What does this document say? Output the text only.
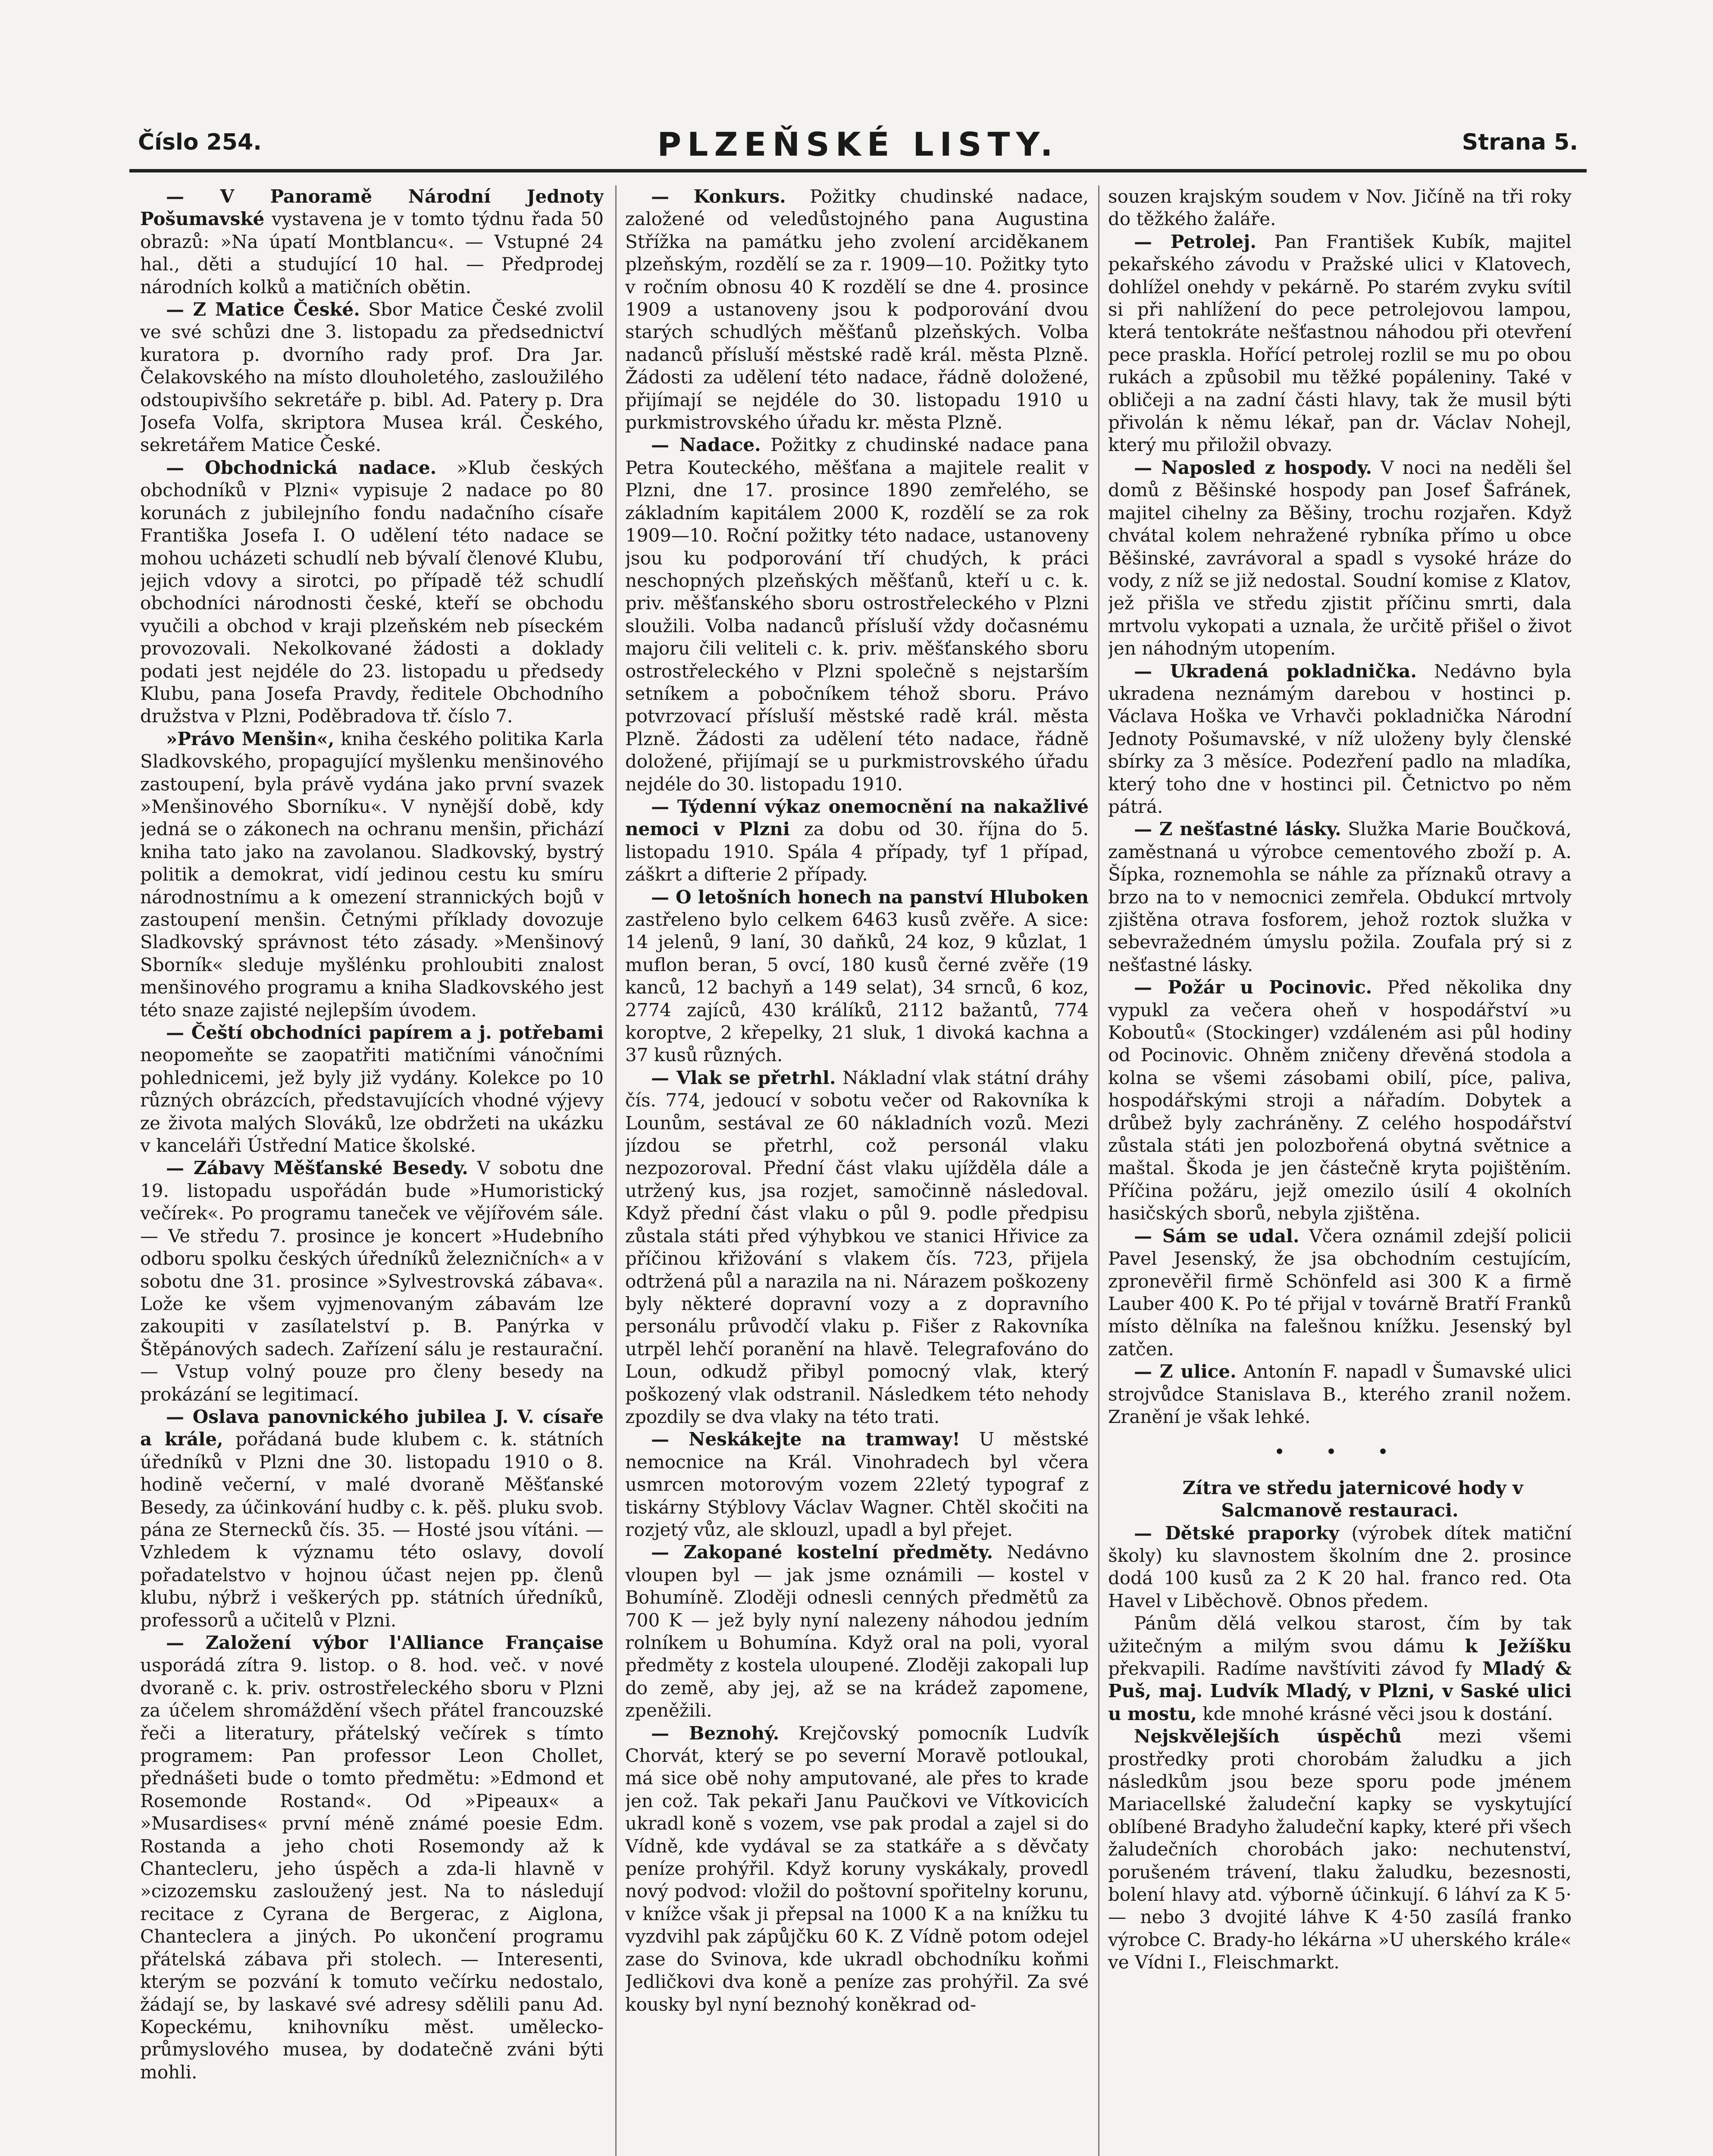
Číslo 254.	PLZEŇSKÉ LISTY.	Strana 5.

— V Panoramě Národní Jednoty Pošumavské vystavena je v tomto týdnu řada 50 obrazů: »Na úpatí Montblancu«. — Vstupné 24 hal., děti a studující 10 hal. — Předprodej národních kolků a matičních obětin.

— Z Matice České. Sbor Matice České zvolil ve své schůzi dne 3. listopadu za předsednictví kuratora p. dvorního rady prof. Dra Jar. Čelakovského na místo dlouholetého, zasloužilého odstoupivšího sekretáře p. bibl. Ad. Patery p. Dra Josefa Volfa, skriptora Musea král. Českého, sekretářem Matice České.

— Obchodnická nadace. »Klub českých obchodníků v Plzni« vypisuje 2 nadace po 80 korunách z jubilejního fondu nadačního císaře Františka Josefa I. O udělení této nadace se mohou ucházeti schudlí neb bývalí členové Klubu, jejich vdovy a sirotci, po případě též schudlí obchodníci národnosti české, kteří se obchodu vyučili a obchod v kraji plzeňském neb píseckém provozovali. Nekolkované žádosti a doklady podati jest nejdéle do 23. listopadu u předsedy Klubu, pana Josefa Pravdy, ředitele Obchodního družstva v Plzni, Poděbradova tř. číslo 7.

»Právo Menšin«, kniha českého politika Karla Sladkovského, propagující myšlenku menšinového zastoupení, byla právě vydána jako první svazek »Menšinového Sborníku«. V nynější době, kdy jedná se o zákonech na ochranu menšin, přichází kniha tato jako na zavolanou. Sladkovský, bystrý politik a demokrat, vidí jedinou cestu ku smíru národnostnímu a k omezení strannických bojů v zastoupení menšin. Četnými příklady dovozuje Sladkovský správnost této zásady. »Menšinový Sborník« sleduje myšlénku prohloubiti znalost menšinového programu a kniha Sladkovského jest této snaze zajisté nejlepším úvodem.

— Čeští obchodníci papírem a j. potřebami neopomeňte se zaopatřiti matičními vánočními pohlednicemi, jež byly již vydány. Kolekce po 10 různých obrázcích, představujících vhodné výjevy ze života malých Slováků, lze obdržeti na ukázku v kanceláři Ústřední Matice školské.

— Zábavy Měšťanské Besedy. V sobotu dne 19. listopadu uspořádán bude »Humoristický večírek«. Po programu taneček ve vějířovém sále. — Ve středu 7. prosince je koncert »Hudebního odboru spolku českých úředníků železničních« a v sobotu dne 31. prosince »Sylvestrovská zábava«. Lože ke všem vyjmenovaným zábavám lze zakoupiti v zasílatelství p. B. Panýrka v Štěpánových sadech. Zařízení sálu je restaurační. — Vstup volný pouze pro členy besedy na prokázání se legitimací.

— Oslava panovnického jubilea J. V. císaře a krále, pořádaná bude klubem c. k. státních úředníků v Plzni dne 30. listopadu 1910 o 8. hodině večerní, v malé dvoraně Měšťanské Besedy, za účinkování hudby c. k. pěš. pluku svob. pána ze Sternecků čís. 35. — Hosté jsou vítáni. — Vzhledem k významu této oslavy, dovolí pořadatelstvo v hojnou účast nejen pp. členů klubu, nýbrž i veškerých pp. státních úředníků, professorů a učitelů v Plzni.

— Založení výbor l'Alliance Française usporádá zítra 9. listop. o 8. hod. več. v nové dvoraně c. k. priv. ostrostřeleckého sboru v Plzni za účelem shromáždění všech přátel francouzské řeči a literatury, přátelský večírek s tímto programem: Pan professor Leon Chollet, přednášeti bude o tomto předmětu: »Edmond et Rosemonde Rostand«. Od »Pipeaux« a »Musardises« první méně známé poesie Edm. Rostanda a jeho choti Rosemondy až k Chantecleru, jeho úspěch a zda-li hlavně v »cizozemsku zasloužený jest. Na to následují recitace z Cyrana de Bergerac, z Aiglona, Chanteclera a jiných. Po ukončení programu přátelská zábava při stolech. — Interesenti, kterým se pozvání k tomuto večírku nedostalo, žádají se, by laskavé své adresy sdělili panu Ad. Kopeckému, knihovníku měst. umělecko-průmyslového musea, by dodatečně zváni býti mohli.

— Konkurs. Požitky chudinské nadace, založené od veledůstojného pana Augustina Střížka na památku jeho zvolení arciděkanem plzeňským, rozdělí se za r. 1909—10. Požitky tyto v ročním obnosu 40 K rozdělí se dne 4. prosince 1909 a ustanoveny jsou k podporování dvou starých schudlých měšťanů plzeňských. Volba nadanců přísluší městské radě král. města Plzně. Žádosti za udělení této nadace, řádně doložené, přijímají se nejdéle do 30. listopadu 1910 u purkmistrovského úřadu kr. města Plzně.

— Nadace. Požitky z chudinské nadace pana Petra Kouteckého, měšťana a majitele realit v Plzni, dne 17. prosince 1890 zemřelého, se základním kapitálem 2000 K, rozdělí se za rok 1909—10. Roční požitky této nadace, ustanoveny jsou ku podporování tří chudých, k práci neschopných plzeňských měšťanů, kteří u c. k. priv. měšťanského sboru ostrostřeleckého v Plzni sloužili. Volba nadanců přísluší vždy dočasnému majoru čili veliteli c. k. priv. měšťanského sboru ostrostřeleckého v Plzni společně s nejstarším setníkem a pobočníkem téhož sboru. Právo potvrzovací přísluší městské radě král. města Plzně. Žádosti za udělení této nadace, řádně doložené, přijímají se u purkmistrovského úřadu nejdéle do 30. listopadu 1910.

— Týdenní výkaz onemocnění na nakažlivé nemoci v Plzni za dobu od 30. října do 5. listopadu 1910. Spála 4 případy, tyf 1 případ, záškrt a difterie 2 případy.

— O letošních honech na panství Hluboken zastřeleno bylo celkem 6463 kusů zvěře. A sice: 14 jelenů, 9 laní, 30 daňků, 24 koz, 9 kůzlat, 1 muflon beran, 5 ovcí, 180 kusů černé zvěře (19 kanců, 12 bachyň a 149 selat), 34 srnců, 6 koz, 2774 zajíců, 430 králíků, 2112 bažantů, 774 koroptve, 2 křepelky, 21 sluk, 1 divoká kachna a 37 kusů různých.

— Vlak se přetrhl. Nákladní vlak státní dráhy čís. 774, jedoucí v sobotu večer od Rakovníka k Lounům, sestával ze 60 nákladních vozů. Mezi jízdou se přetrhl, což personál vlaku nezpozoroval. Přední část vlaku ujížděla dále a utržený kus, jsa rozjet, samočinně následoval. Když přední část vlaku o půl 9. podle předpisu zůstala státi před výhybkou ve stanici Hřivice za příčinou křižování s vlakem čís. 723, přijela odtržená půl a narazila na ni. Nárazem poškozeny byly některé dopravní vozy a z dopravního personálu průvodčí vlaku p. Fišer z Rakovníka utrpěl lehčí poranění na hlavě. Telegrafováno do Loun, odkudž přibyl pomocný vlak, který poškozený vlak odstranil. Následkem této nehody zpozdily se dva vlaky na této trati.

— Neskákejte na tramway! U městské nemocnice na Král. Vinohradech byl včera usmrcen motorovým vozem 22letý typograf z tiskárny Stýblovy Václav Wagner. Chtěl skočiti na rozjetý vůz, ale sklouzl, upadl a byl přejet.

— Zakopané kostelní předměty. Nedávno vloupen byl — jak jsme oznámili — kostel v Bohumíně. Zloději odnesli cenných předmětů za 700 K — jež byly nyní nalezeny náhodou jedním rolníkem u Bohumína. Když oral na poli, vyoral předměty z kostela uloupené. Zloději zakopali lup do země, aby jej, až se na krádež zapomene, zpeněžili.

— Beznohý. Krejčovský pomocník Ludvík Chorvát, který se po severní Moravě potloukal, má sice obě nohy amputované, ale přes to krade jen což. Tak pekaři Janu Paučkovi ve Vítkovicích ukradl koně s vozem, vse pak prodal a zajel si do Vídně, kde vydával se za statkáře a s děvčaty peníze prohýřil. Když koruny vyskákaly, provedl nový podvod: vložil do poštovní spořitelny korunu, v knížce však ji přepsal na 1000 K a na knížku tu vyzdvihl pak zápůjčku 60 K. Z Vídně potom odejel zase do Svinova, kde ukradl obchodníku koňmi Jedličkovi dva koně a peníze zas prohýřil. Za své kousky byl nyní beznohý koněkrad od-

souzen krajským soudem v Nov. Jičíně na tři roky do těžkého žaláře.

— Petrolej. Pan František Kubík, majitel pekařského závodu v Pražské ulici v Klatovech, dohlížel onehdy v pekárně. Po starém zvyku svítil si při nahlížení do pece petrolejovou lampou, která tentokráte nešťastnou náhodou při otevření pece praskla. Hořící petrolej rozlil se mu po obou rukách a způsobil mu těžké popáleniny. Také v obličeji a na zadní části hlavy, tak že musil býti přivolán k němu lékař, pan dr. Václav Nohejl, který mu přiložil obvazy.

— Naposled z hospody. V noci na neděli šel domů z Běšinské hospody pan Josef Šafránek, majitel cihelny za Běšiny, trochu rozjařen. Když chvátal kolem nehražené rybníka přímo u obce Běšinské, zavrávoral a spadl s vysoké hráze do vody, z níž se již nedostal. Soudní komise z Klatov, jež přišla ve středu zjistit příčinu smrti, dala mrtvolu vykopati a uznala, že určitě přišel o život jen náhodným utopením.

— Ukradená pokladnička. Nedávno byla ukradena neznámým darebou v hostinci p. Václava Hoška ve Vrhavči pokladnička Národní Jednoty Pošumavské, v níž uloženy byly členské sbírky za 3 měsíce. Podezření padlo na mladíka, který toho dne v hostinci pil. Četnictvo po něm pátrá.

— Z nešťastné lásky. Služka Marie Boučková, zaměstnaná u výrobce cementového zboží p. A. Šípka, roznemohla se náhle za příznaků otravy a brzo na to v nemocnici zemřela. Obdukcí mrtvoly zjištěna otrava fosforem, jehož roztok služka v sebevražedném úmyslu požila. Zoufala prý si z nešťastné lásky.

— Požár u Pocinovic. Před několika dny vypukl za večera oheň v hospodářství »u Koboutů« (Stockinger) vzdáleném asi půl hodiny od Pocinovic. Ohněm zničeny dřevěná stodola a kolna se všemi zásobami obilí, píce, paliva, hospodářskými stroji a nářadím. Dobytek a drůbež byly zachráněny. Z celého hospodářství zůstala státi jen polozbořená obytná světnice a maštal. Škoda je jen částečně kryta pojištěním. Příčina požáru, jejž omezilo úsilí 4 okolních hasičských sborů, nebyla zjištěna.

— Sám se udal. Včera oznámil zdejší policii Pavel Jesenský, že jsa obchodním cestujícím, zpronevěřil firmě Schönfeld asi 300 K a firmě Lauber 400 K. Po té přijal v továrně Bratří Franků místo dělníka na falešnou knížku. Jesenský byl zatčen.

— Z ulice. Antonín F. napadl v Šumavské ulici strojvůdce Stanislava B., kterého zranil nožem. Zranění je však lehké.

• • •

Zítra ve středu jaternicové hody v Salcmanově restauraci.

— Dětské praporky (výrobek dítek matiční školy) ku slavnostem školním dne 2. prosince dodá 100 kusů za 2 K 20 hal. franco red. Ota Havel v Liběchově. Obnos předem.

Pánům dělá velkou starost, čím by tak užitečným a milým svou dámu k Ježíšku překvapili. Radíme navštíviti závod fy Mladý & Puš, maj. Ludvík Mladý, v Plzni, v Saské ulici u mostu, kde mnohé krásné věci jsou k dostání.

Nejskvělejších úspěchů mezi všemi prostředky proti chorobám žaludku a jich následkům jsou beze sporu pode jménem Mariacellské žaludeční kapky se vyskytující oblíbené Bradyho žaludeční kapky, které při všech žaludečních chorobách jako: nechutenství, porušeném trávení, tlaku žaludku, bezesnosti, bolení hlavy atd. výborně účinkují. 6 láhví za K 5·— nebo 3 dvojité láhve K 4·50 zasílá franko výrobce C. Brady-ho lékárna »U uherského krále« ve Vídni I., Fleischmarkt.
